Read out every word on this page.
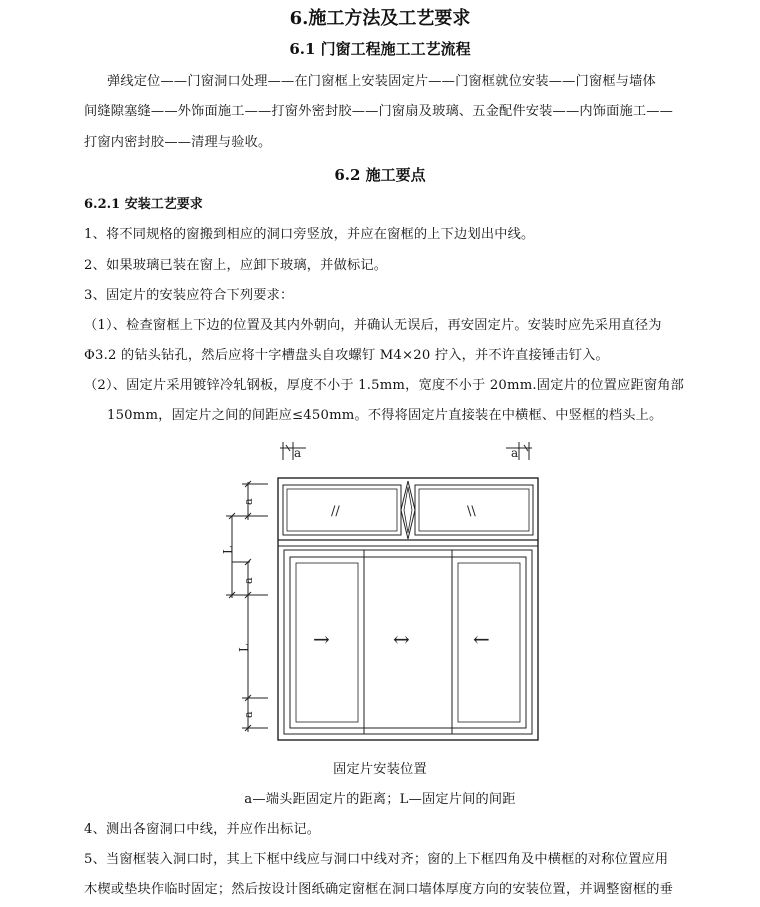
6.施工方法及工艺要求
6.1 门窗工程施工工艺流程
弹线定位——门窗洞口处理——在门窗框上安装固定片——门窗框就位安装——门窗框与墙体
间缝隙塞缝——外饰面施工——打窗外密封胶——门窗扇及玻璃、五金配件安装——内饰面施工——
打窗内密封胶——清理与验收。
6.2 施工要点
6.2.1 安装工艺要求
1、将不同规格的窗搬到相应的洞口旁竖放，并应在窗框的上下边划出中线。
2、如果玻璃已装在窗上，应卸下玻璃，并做标记。
3、固定片的安装应符合下列要求：
（1）、检查窗框上下边的位置及其内外朝向，并确认无误后，再安固定片。安装时应先采用直径为
Φ3.2 的钻头钻孔，然后应将十字槽盘头自攻螺钉 M4×20 拧入，并不许直接锤击钉入。
（2）、固定片采用镀锌冷轧钢板，厚度不小于 1.5mm，宽度不小于 20mm.固定片的位置应距窗角部
150mm，固定片之间的间距应≤450mm。不得将固定片直接装在中横框、中竖框的档头上。
a	a
//	\\
→	↔	←
a
L
a
L
a
固定片安装位置
a—端头距固定片的距离；L—固定片间的间距
4、测出各窗洞口中线，并应作出标记。
5、当窗框装入洞口时，其上下框中线应与洞口中线对齐；窗的上下框四角及中横框的对称位置应用
木楔或垫块作临时固定；然后按设计图纸确定窗框在洞口墙体厚度方向的安装位置，并调整窗框的垂
